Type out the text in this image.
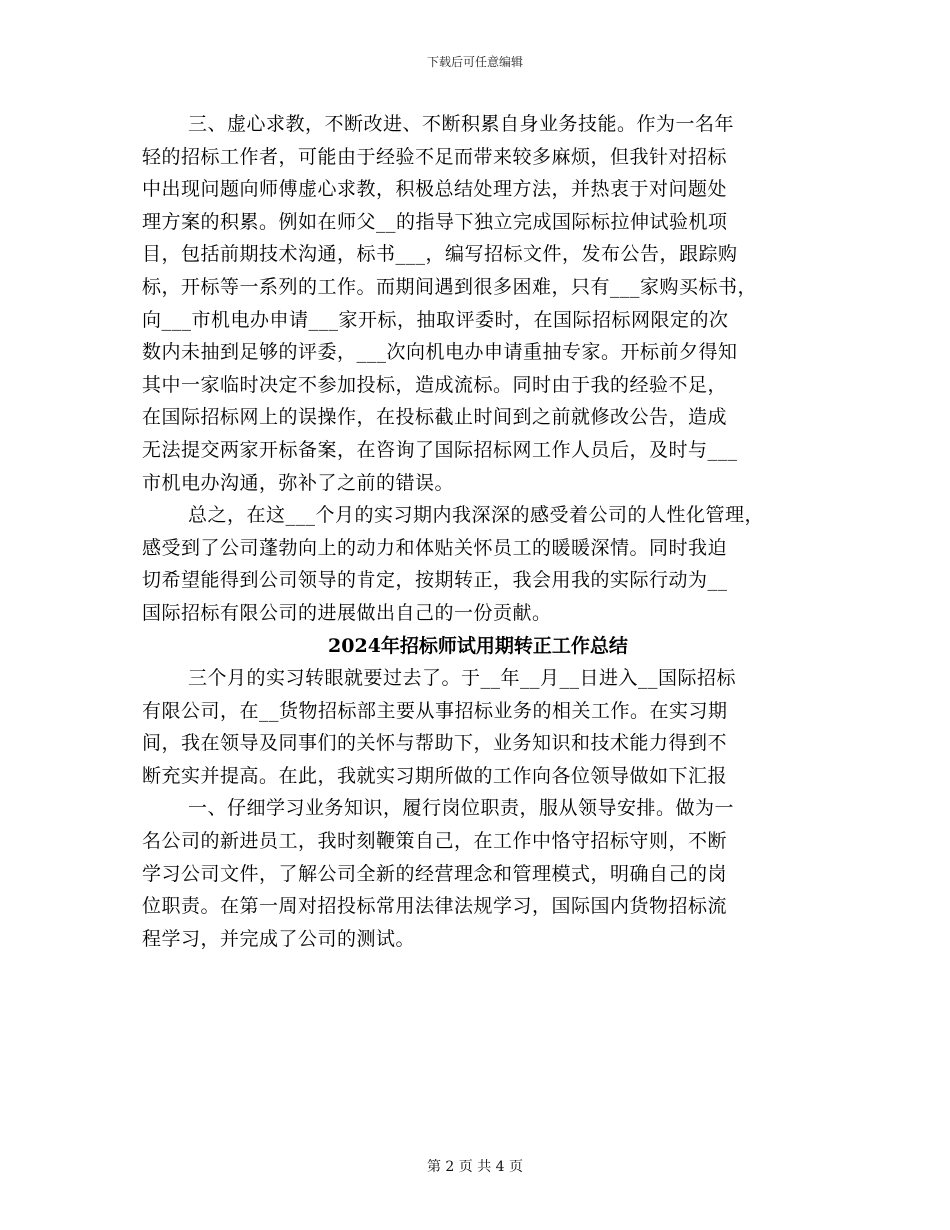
下载后可任意编辑

三、虚心求教，不断改进、不断积累自身业务技能。作为一名年
轻的招标工作者，可能由于经验不足而带来较多麻烦，但我针对招标
中出现问题向师傅虚心求教，积极总结处理方法，并热衷于对问题处
理方案的积累。例如在师父__的指导下独立完成国际标拉伸试验机项
目，包括前期技术沟通，标书___，编写招标文件，发布公告，跟踪购
标，开标等一系列的工作。而期间遇到很多困难，只有___家购买标书，
向___市机电办申请___家开标，抽取评委时，在国际招标网限定的次
数内未抽到足够的评委，___次向机电办申请重抽专家。开标前夕得知
其中一家临时决定不参加投标，造成流标。同时由于我的经验不足，
在国际招标网上的误操作，在投标截止时间到之前就修改公告，造成
无法提交两家开标备案，在咨询了国际招标网工作人员后，及时与___
市机电办沟通，弥补了之前的错误。

总之，在这___个月的实习期内我深深的感受着公司的人性化管理，
感受到了公司蓬勃向上的动力和体贴关怀员工的暖暖深情。同时我迫
切希望能得到公司领导的肯定，按期转正，我会用我的实际行动为__
国际招标有限公司的进展做出自己的一份贡献。

2024年招标师试用期转正工作总结

三个月的实习转眼就要过去了。于__年__月__日进入__国际招标
有限公司，在__货物招标部主要从事招标业务的相关工作。在实习期
间，我在领导及同事们的关怀与帮助下，业务知识和技术能力得到不
断充实并提高。在此，我就实习期所做的工作向各位领导做如下汇报

一、仔细学习业务知识，履行岗位职责，服从领导安排。做为一
名公司的新进员工，我时刻鞭策自己，在工作中恪守招标守则，不断
学习公司文件，了解公司全新的经营理念和管理模式，明确自己的岗
位职责。在第一周对招投标常用法律法规学习，国际国内货物招标流
程学习，并完成了公司的测试。

第 2 页 共 4 页
